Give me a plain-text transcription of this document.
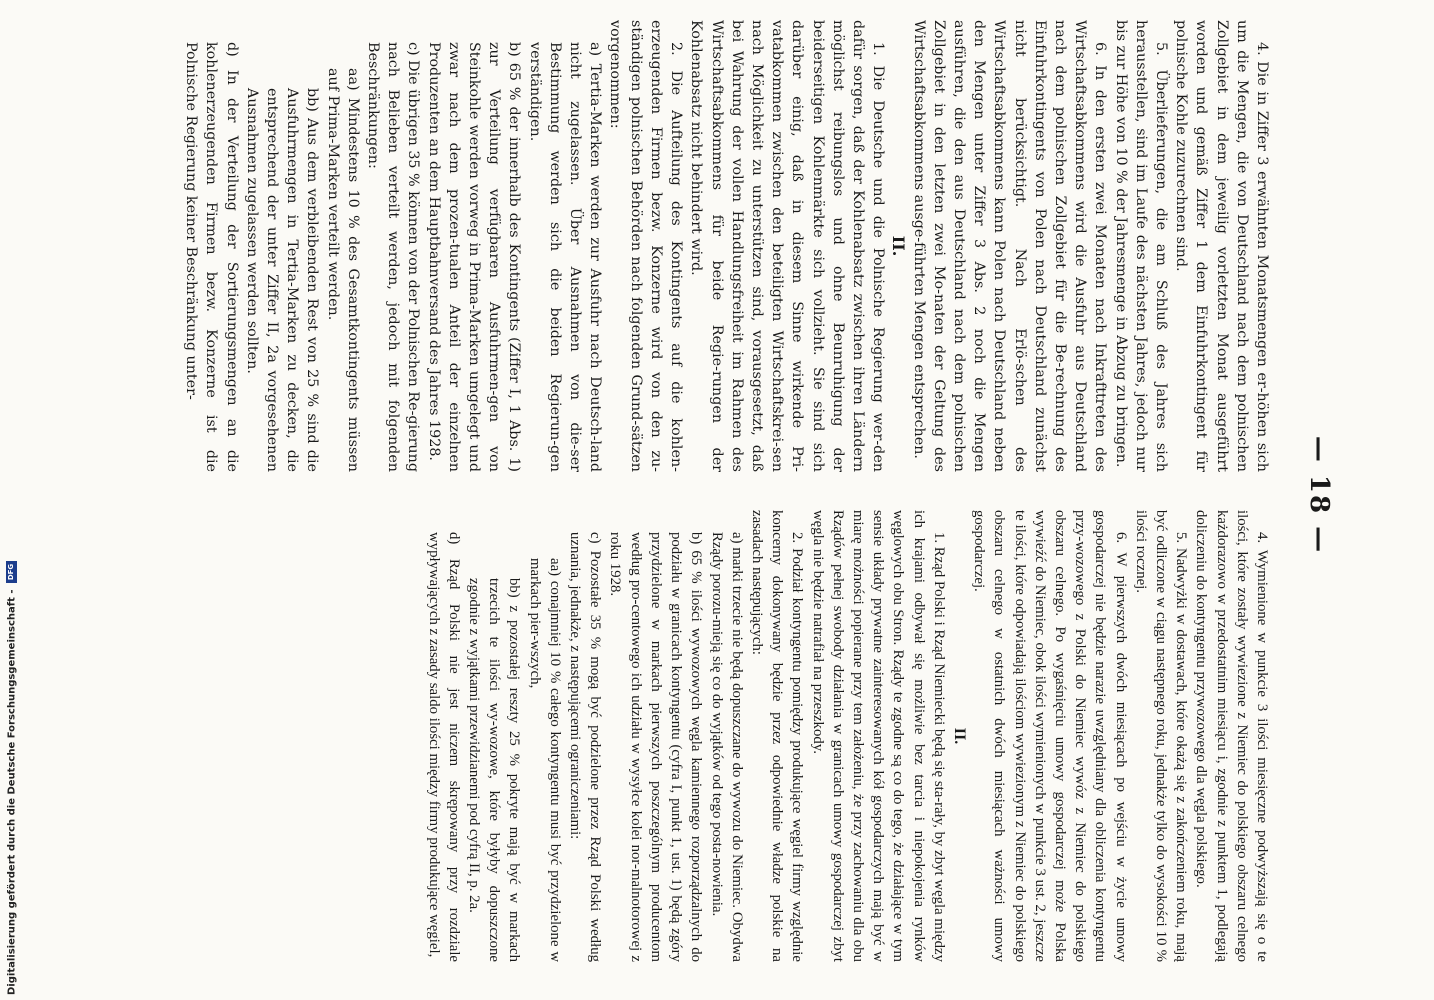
— 18 —

4. Die in Ziffer 3 erwähnten Monatsmengen er-höhen sich um die Mengen, die von Deutschland nach dem polnischen Zollgebiet in dem jeweilig vorletzten Monat ausgeführt worden und gemäß Ziffer 1 dem Einfuhrkontingent für polnische Kohle zuzurechnen sind.

5. Überlieferungen, die am Schluß des Jahres sich herausstellen, sind im Laufe des nächsten Jahres, jedoch nur bis zur Höhe von 10 % der Jahresmenge in Abzug zu bringen.

6. In den ersten zwei Monaten nach Inkrafttreten des Wirtschaftsabkommens wird die Ausfuhr aus Deutschland nach dem polnischen Zollgebiet für die Be-rechnung des Einfuhrkontingents von Polen nach Deutschland zunächst nicht berücksichtigt. Nach Erlö-schen des Wirtschaftsabkommens kann Polen nach Deutschland neben den Mengen unter Ziffer 3 Abs. 2 noch die Mengen ausführen, die den aus Deutschland nach dem polnischen Zollgebiet in den letzten zwei Mo-naten der Geltung des Wirtschaftsabkommens ausge-führten Mengen entsprechen.

II.

1. Die Deutsche und die Polnische Regierung wer-den dafür sorgen, daß der Kohlenabsatz zwischen ihren Ländern möglichst reibungslos und ohne Beunruhigung der beiderseitigen Kohlenmärkte sich vollzieht. Sie sind sich darüber einig, daß in diesem Sinne wirkende Pri-vatabkommen zwischen den beteiligten Wirtschaftskrei-sen nach Möglichkeit zu unterstützen sind, vorausgesetzt, daß bei Wahrung der vollen Handlungsfreiheit im Rahmen des Wirtschaftsabkommens für beide Regie-rungen der Kohlenabsatz nicht behindert wird.

2. Die Aufteilung des Kontingents auf die kohlen-erzeugenden Firmen bezw. Konzerne wird von den zu-ständigen polnischen Behörden nach folgenden Grund-sätzen vorgenommen:

a) Tertia-Marken werden zur Ausfuhr nach Deutsch-land nicht zugelassen. Über Ausnahmen von die-ser Bestimmung werden sich die beiden Regierun-gen verständigen.

b) 65 % der innerhalb des Kontingents (Ziffer I, 1 Abs. 1) zur Verteilung verfügbaren Ausfuhrmen-gen von Steinkohle werden vorweg in Prima-Marken umgelegt und zwar nach dem prozen-tualen Anteil der einzelnen Produzenten an dem Hauptbahnversand des Jahres 1928.

c) Die übrigen 35 % können von der Polnischen Re-gierung nach Belieben verteilt werden, jedoch mit folgenden Beschränkungen:

aa) Mindestens 10 % des Gesamtkontingents müssen auf Prima-Marken verteilt werden.

bb) Aus dem verbleibenden Rest von 25 % sind die Ausfuhrmengen in Tertia-Marken zu decken, die entsprechend der unter Ziffer II, 2a vorgesehenen Ausnahmen zugelassen werden sollten.

d) In der Verteilung der Sortierungsmengen an die kohlenerzeugenden Firmen bezw. Konzerne ist die Polnische Regierung keiner Beschränkung unter-

4. Wymienione w punkcie 3 ilości miesięczne podwyższają się o te ilości, które zostały wywiezione z Niemiec do polskiego obszaru celnego każdorazowo w przedostatnim miesiącu i, zgodnie z punktem 1, podlegają doliczeniu do kontyngentu przywozowego dla węgla polskiego.

5. Nadwyżki w dostawach, które okażą się z zakończeniem roku, mają być odliczone w ciągu następnego roku, jednakże tylko do wysokości 10 % ilości rocznej.

6. W pierwszych dwóch miesiącach po wejściu w życie umowy gospodarczej nie będzie narazie uwzględniany dla obliczenia kontyngentu przy-wozowego z Polski do Niemiec wywóz z Niemiec do polskiego obszaru celnego. Po wygaśnięciu umowy gospodarczej może Polska wywieźć do Niemiec, obok ilości wymienionych w punkcie 3 ust. 2, jeszcze te ilości, które odpowiadają ilościom wywiezionym z Niemiec do polskiego obszaru celnego w ostatnich dwóch miesiącach ważności umowy gospodarczej.

II.

1. Rząd Polski i Rząd Niemiecki będą się sta-rały, by zbyt węgla między ich krajami odbywał się możliwie bez tarcia i niepokojenia rynków węglowych obu Stron. Rządy te zgodne są co do tego, że działające w tym sensie układy prywatne zainteresowanych kół gospodarczych mają być w miarę możności popierane przy tem założeniu, że przy zachowaniu dla obu Rządów pełnej swobody działania w granicach umowy gospodarczej zbyt węgla nie będzie natrafiał na przeszkody.

2. Podział kontyngentu pomiędzy produkujące węgiel firmy względnie koncerny dokonywany będzie przez odpowiednie władze polskie na zasadach następujących:

a) marki trzecie nie będą dopuszczane do wywozu do Niemiec. Obydwa Rządy porozu-mieją się co do wyjątków od tego posta-nowienia.

b) 65 % ilości wywozowych węgla kamiennego rozporządzalnych do podziału w granicach kontyngentu (cyfra I, punkt 1, ust. 1) będą zgóry przydzielone w markach pierwszych poszczególnym producentom według pro-centowego ich udziału w wysyłce kolei nor-malnotorowej z roku 1928.

c) Pozostałe 35 % mogą być podzielone przez Rząd Polski według uznania, jednakże, z następującemi ograniczeniami:

aa) conajmniej 10 % całego kontyngentu musi być przydzielone w markach pier-wszych,

bb) z pozostałej reszty 25 % pokryte mają być w markach trzecich te ilości wy-wozowe, które byłyby dopuszczone zgodnie z wyjątkami przewidzianemi pod cyfrą II, p. 2a.

d) Rząd Polski nie jest niczem skrępowany przy rozdziale wypływających z zasady saldo ilości między firmy produkujące węgiel,

Digitalisierung gefördert durch die Deutsche Forschungsgemeinschaft - DFG
